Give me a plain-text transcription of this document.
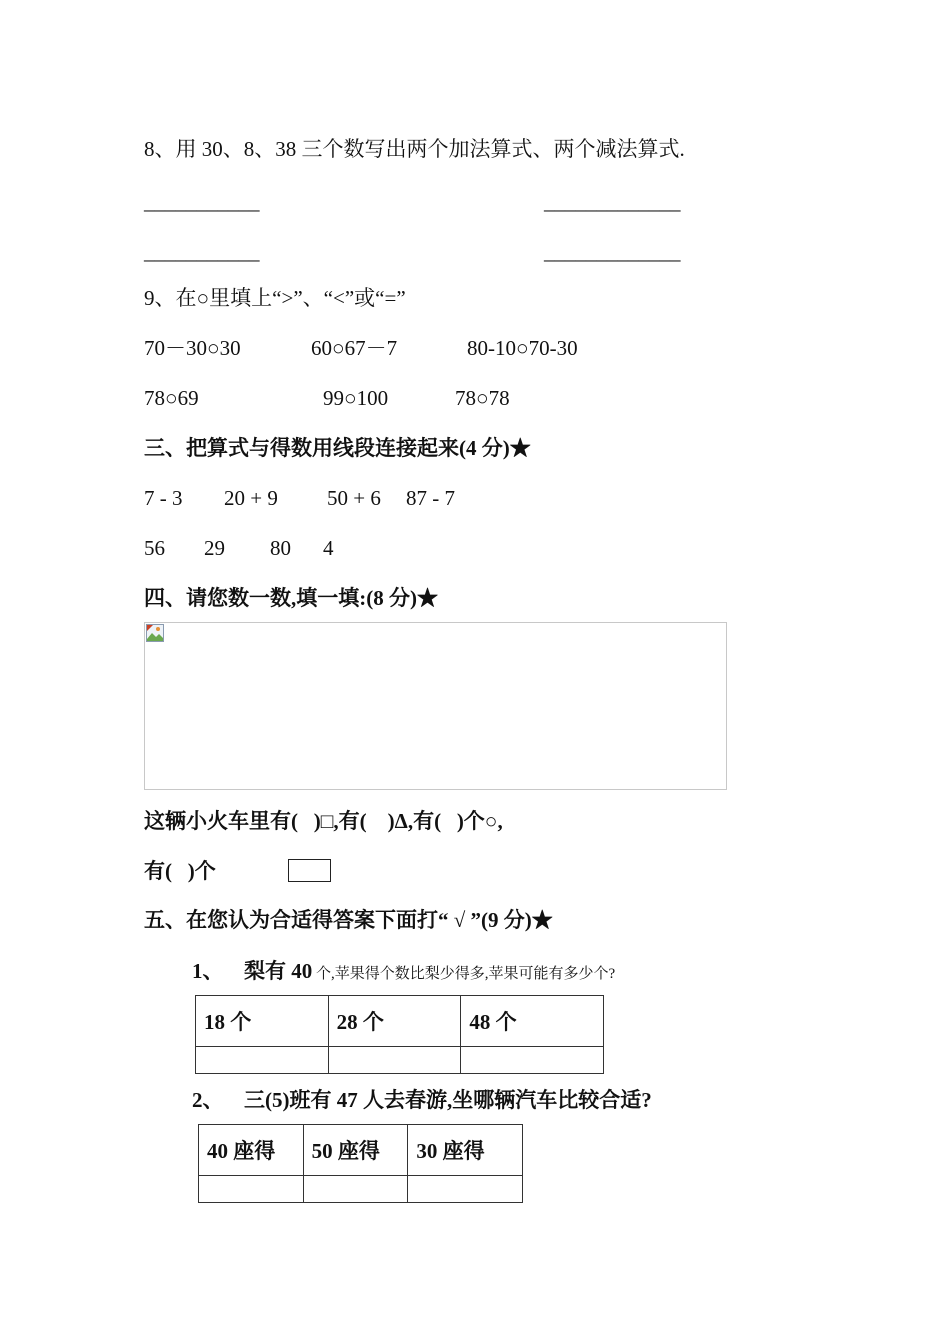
8、用 30、8、38 三个数写出两个加法算式、两个减法算式.
___________	_____________
___________	_____________
9、在○里填上“>”、“<”或“=”
70－30○30	60○67－7	80-10○70-30
78○69	99○100	78○78
三、把算式与得数用线段连接起来(4 分)★
7 - 3 20 + 9 50 + 6 87 - 7
56 29 80 4
四、请您数一数,填一填:(8 分)★
这辆小火车里有(   )□,有(    )Δ,有(   )个○,
有(   )个
五、在您认为合适得答案下面打“ √ ”(9 分)★
1、 梨有 40 个,苹果得个数比梨少得多,苹果可能有多少个?
18 个	28 个	48 个

2、 三(5)班有 47 人去春游,坐哪辆汽车比较合适?
40 座得	50 座得	30 座得
